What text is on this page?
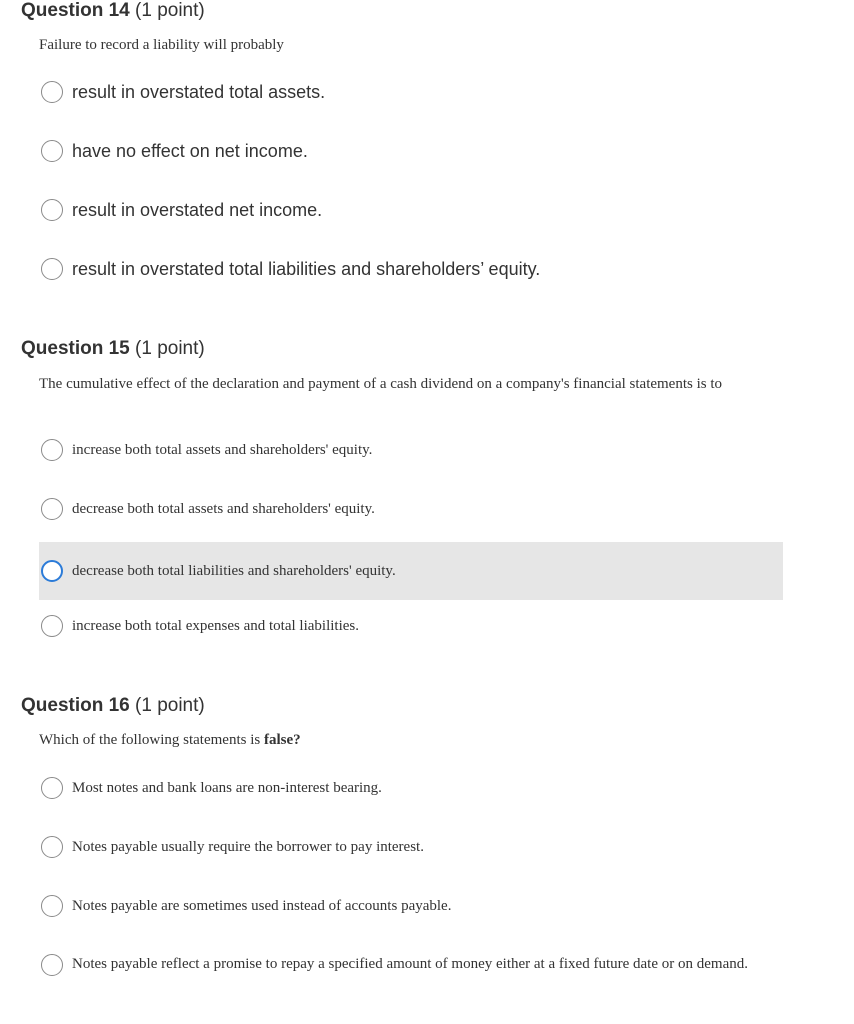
Question 14 (1 point)

Failure to record a liability will probably

result in overstated total assets.
have no effect on net income.
result in overstated net income.
result in overstated total liabilities and shareholders’ equity.
Question 15 (1 point)

The cumulative effect of the declaration and payment of a cash dividend on a company's financial statements is to

increase both total assets and shareholders' equity.
decrease both total assets and shareholders' equity.
decrease both total liabilities and shareholders' equity.
increase both total expenses and total liabilities.
Question 16 (1 point)

Which of the following statements is false?

Most notes and bank loans are non-interest bearing.
Notes payable usually require the borrower to pay interest.
Notes payable are sometimes used instead of accounts payable.
Notes payable reflect a promise to repay a specified amount of money either at a fixed future date or on demand.
